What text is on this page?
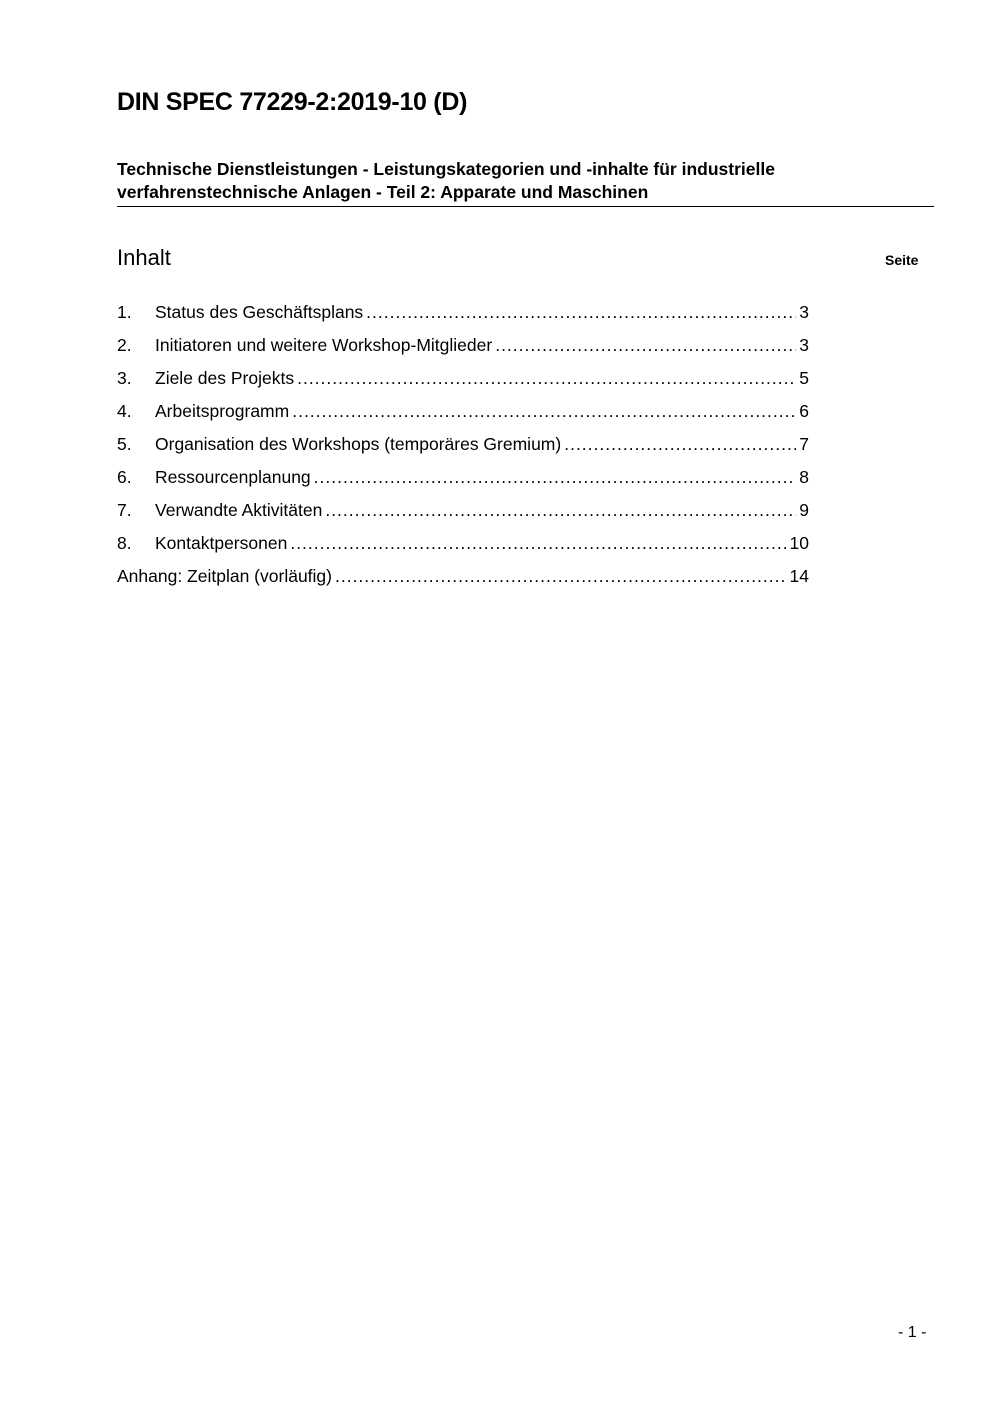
DIN SPEC 77229-2:2019-10 (D)
Technische Dienstleistungen - Leistungskategorien und -inhalte für industrielle
verfahrenstechnische Anlagen - Teil 2: Apparate und Maschinen
Inhalt	Seite
1.	Status des Geschäftsplans .....	3
2.	Initiatoren und weitere Workshop-Mitglieder .....	3
3.	Ziele des Projekts .....	5
4.	Arbeitsprogramm .....	6
5.	Organisation des Workshops (temporäres Gremium) .....	7
6.	Ressourcenplanung .....	8
7.	Verwandte Aktivitäten .....	9
8.	Kontaktpersonen .....	10
Anhang: Zeitplan (vorläufig) .....	14
- 1 -
